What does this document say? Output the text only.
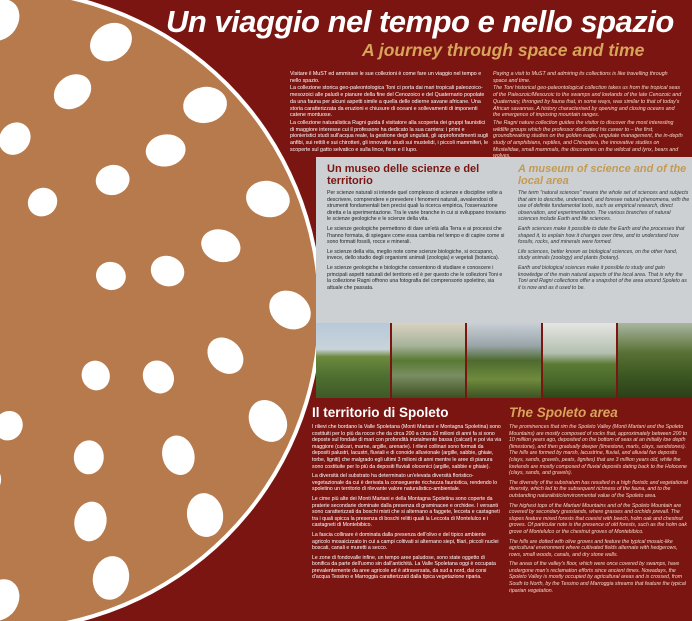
Un viaggio nel tempo e nello spazio
A journey through space and time

Visitare il MuST ed ammirare le sue collezioni è come fare un viaggio nel tempo e nello spazio.

La collezione storica geo-paleontologica Toni ci porta dai mari tropicali paleozoico-mesozoici alle paludi e pianure della fine del Cenozoico e del Quaternario popolate da una fauna per alcuni aspetti simile a quella delle odierne savane africane. Una storia caratterizzata da eruzioni e chiusure di oceani e sollevamenti di imponenti catene montuose.

La collezione naturalistica Ragni guida il visitatore alla scoperta dei gruppi faunistici di maggiore interesse cui il professore ha dedicato la sua carriera: i primi e pionieristici studi sull'acqua reale, la gestione degli ungulati, gli approfondimenti sugli anfibi, sui rettili e sui chirotteri, gli innovativi studi sui mustelidi, i piccoli mammiferi, le scoperte sul gatto selvatico e sulla lince, fiore e il lupo.

Paying a visit to MuST and admiring its collections is like travelling through space and time.

The Toni historical geo-paleontological collection takes us from the tropical seas of the Paleozoic/Mesozoic to the swamps and lowlands of the late Cenozoic and Quaternary, thronged by fauna that, in some ways, was similar to that of today's African savannas. A history characterised by opening and closing oceans and the emergence of imposing mountain ranges.

The Ragni nature collection guides the visitor to discover the most interesting wildlife groups which the professor dedicated his career to – the first, groundbreaking studies on the golden eagle, ungulate management, the in-depth study of amphibians, reptiles, and Chiroptera, the innovative studies on Mustelidae, small mammals, the discoveries on the wildcat and lynx, bears and

Un museo delle scienze e del territorio
A museum of science and of the local area

Per scienze naturali si intende quel complesso di scienze e discipline volte a descrivere, comprendere e prevedere i fenomeni naturali, avvalendosi di strumenti fondamentali ben precisi quali la ricerca empirica, l'osservazione diretta e la sperimentazione. Tra le varie branche in cui si sviluppano troviamo le scienze geologiche e le scienze della vita.

Le scienze geologiche permettono di dare un'età alla Terra e ai processi che l'hanno formata, di spiegare come essa cambia nel tempo e di capire come si sono formati fossili, rocce e minerali.

Le scienze della vita, meglio note come scienze biologiche, si occupano, invece, dello studio degli organismi animali (zoologia) e vegetali (botanica).

Le scienze geologiche e biologiche consentono di studiare e conoscere i principali aspetti naturali del territorio ed è per questo che le collezioni Toni e la collezione Ragni offrono una fotografia del comprensorio spoletino, sia attuale che passata.

The term "natural sciences" means the whole set of sciences and subjects that aim to describe, understand, and foresee natural phenomena, with the use of definite fundamental tools, such as empirical research, direct observation, and experimentation. The various branches of natural sciences include Earth and life sciences.

Earth sciences make it possible to date the Earth and the processes that shaped it, to explain how it changes over time, and to understand how fossils, rocks, and minerals were formed.

Life sciences, better known as biological sciences, on the other hand, study animals (zoology) and plants (botany).

Earth and biological sciences make it possible to study and gain knowledge of the main natural aspects of the local area. That is why the Toni and Ragni collections offer a snapshot of the area around Spoleto as it is now and as it used to be.

Il territorio di Spoleto	The Spoleto area

I rilievi che bordano la Valle Spoletana (Monti Martani e Montagna Spoletina) sono costituiti per lo più da rocce che da circa 200 a circa 10 milioni di anni fa si sono deposte sul fondale di mari con profondità inizialmente bassa (calcari) e poi via via maggiore (calcari, marne, argille, arenarie). I rilievi collinari sono formati da depositi palustri, lacustri, fluviali e di conoide alluvionale (argille, sabbie, ghiaie, torbe, ligniti) che malgrado egli ultimi 3 milioni di anni mentre le aree di pianura sono costituite per lo più da depositi fluviali olocenici (argille, sabbie e ghiaie).

La diversità del substrato ha determinato un'elevata diversità floristico-vegetazionale da cui è derivata la conseguente ricchezza faunistica, rendendo lo spoletino un territorio di rilevante valore naturalistico-ambientale.

Le cime più alte dei Monti Martani e della Montagna Spoletina sono coperte da praterie secondarie dominate dalla presenza di graminacee e orchidee. I versanti sono caratterizzati da boschi misti che si alternano a faggete, lecceta e castagneti tra i quali spicca la presenza di boschi relitti quali la Leccota di Montelulco e i castagneti di Montebibico.

La fascia collinare è dominata dalla presenza dell'olivo e del tipico ambiente agricolo mosaicizzato in cui a campi coltivati si alternano siepi, filari, piccoli nuclei boscati, canali e muretti a secco.

Le zone di fondovalle infine, un tempo aree paludose, sono state oggetto di bonifica da parte dell'uomo sin dall'antichità. La Valle Spoletana oggi è occupata prevalentemente da aree agricole ed è attraversata, da sud a nord, dai corsi d'acqua Tessino e Marroggia caratterizzati dalla tipica vegetazione riparia.

The prominences that rim the Spoleto Valley (Monti Martani and the Spoleto Mountains) are mostly composed of rocks that, approximately between 200 to 10 million years ago, deposited on the bottom of seas at an initially low depth (limestone), and then gradually deeper (limestone, marls, clays, sandstones). The hills are formed by marsh, lacustrine, fluvial, and alluvial fan deposits (clays, sands, gravels, peats, lignites) that are 3 million years old, while the lowlands are mostly composed of fluvial deposits dating back to the Holocene (clays, sands, and gravels).

The diversity of the substratum has resulted in a high floristic and vegetational diversity, which led to the subsequent richness of the fauna, and to the outstanding naturalistic/environmental value of the Spoleto area.

The highest tops of the Martani Mountains and of the Spoleto Mountain are covered by secondary grasslands, where grasses and orchids prevail. The slopes feature mixed forests that coexist with beech, holm oak and chestnut groves. Of particular note is the presence of old forests, such as the holm oak grove of Montelulco or the chestnut groves of Montebibico.

The hills are dotted with olive groves and feature the typical mosaic-like agricultural environment where cultivated fields alternate with hedgerows, rows, small woods, canals, and dry stone walls.

The areas of the valley's floor, which were once covered by swamps, have undergone man's reclamation efforts since ancient times. Nowadays, the Spoleto Valley is mostly occupied by agricultural areas and is crossed, from South to North, by the Tessino and Marroggia streams that feature the typical riparian vegetation.
